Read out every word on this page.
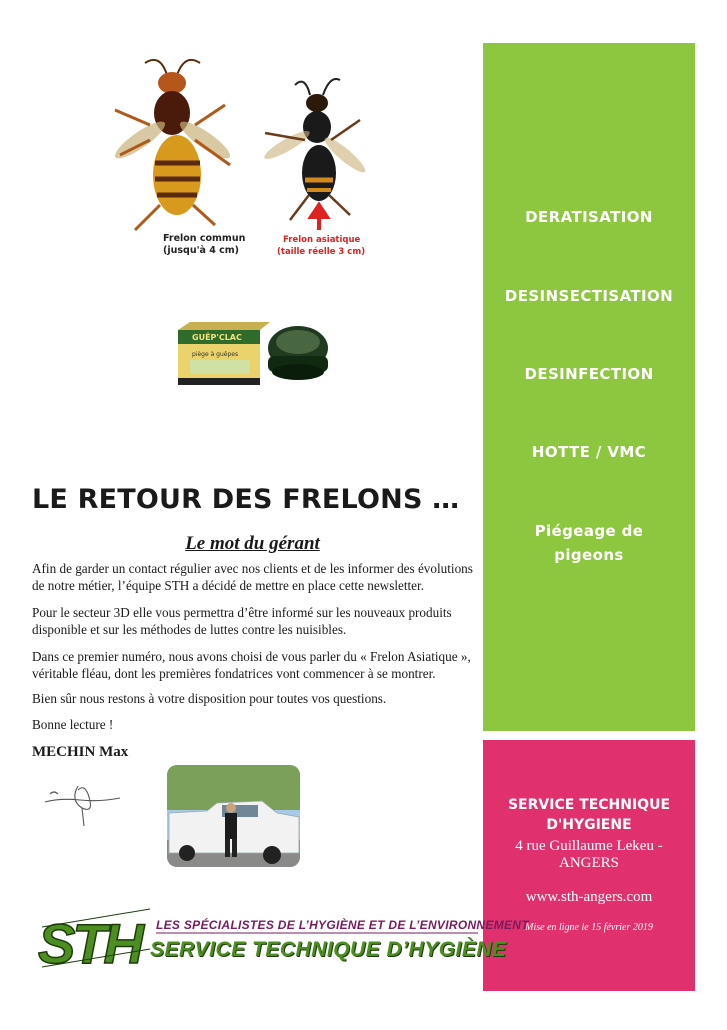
Frelon commun
(jusqu'à 4 cm)
Frelon asiatique
(taille réelle 3 cm)
GUÊP'CLAC
piège à guêpes
DERATISATION
DESINSECTISATION
DESINFECTION
HOTTE / VMC
Piégeage de
pigeons
SERVICE TECHNIQUE
D'HYGIENE
4 rue Guillaume Lekeu -
ANGERS
www.sth-angers.com
Mise en ligne le 15 février 2019
LE RETOUR DES FRELONS …
Le mot du gérant

Afin de garder un contact régulier avec nos clients et de les informer des évolutions de notre métier, l’équipe STH a décidé de mettre en place cette newsletter.

Pour le secteur 3D elle vous permettra d’être informé sur les nouveaux produits disponible et sur les méthodes de luttes contre les nuisibles.

Dans ce premier numéro, nous avons choisi de vous parler du « Frelon Asiatique », véritable fléau, dont les premières fondatrices vont commencer à se montrer.

Bien sûr nous restons à votre disposition pour toutes vos questions.

Bonne lecture !

MECHIN Max
STH	LES SPÉCIALISTES DE L’HYGIÈNE ET DE L’ENVIRONNEMENT
SERVICE TECHNIQUE D’HYGIÈNE
